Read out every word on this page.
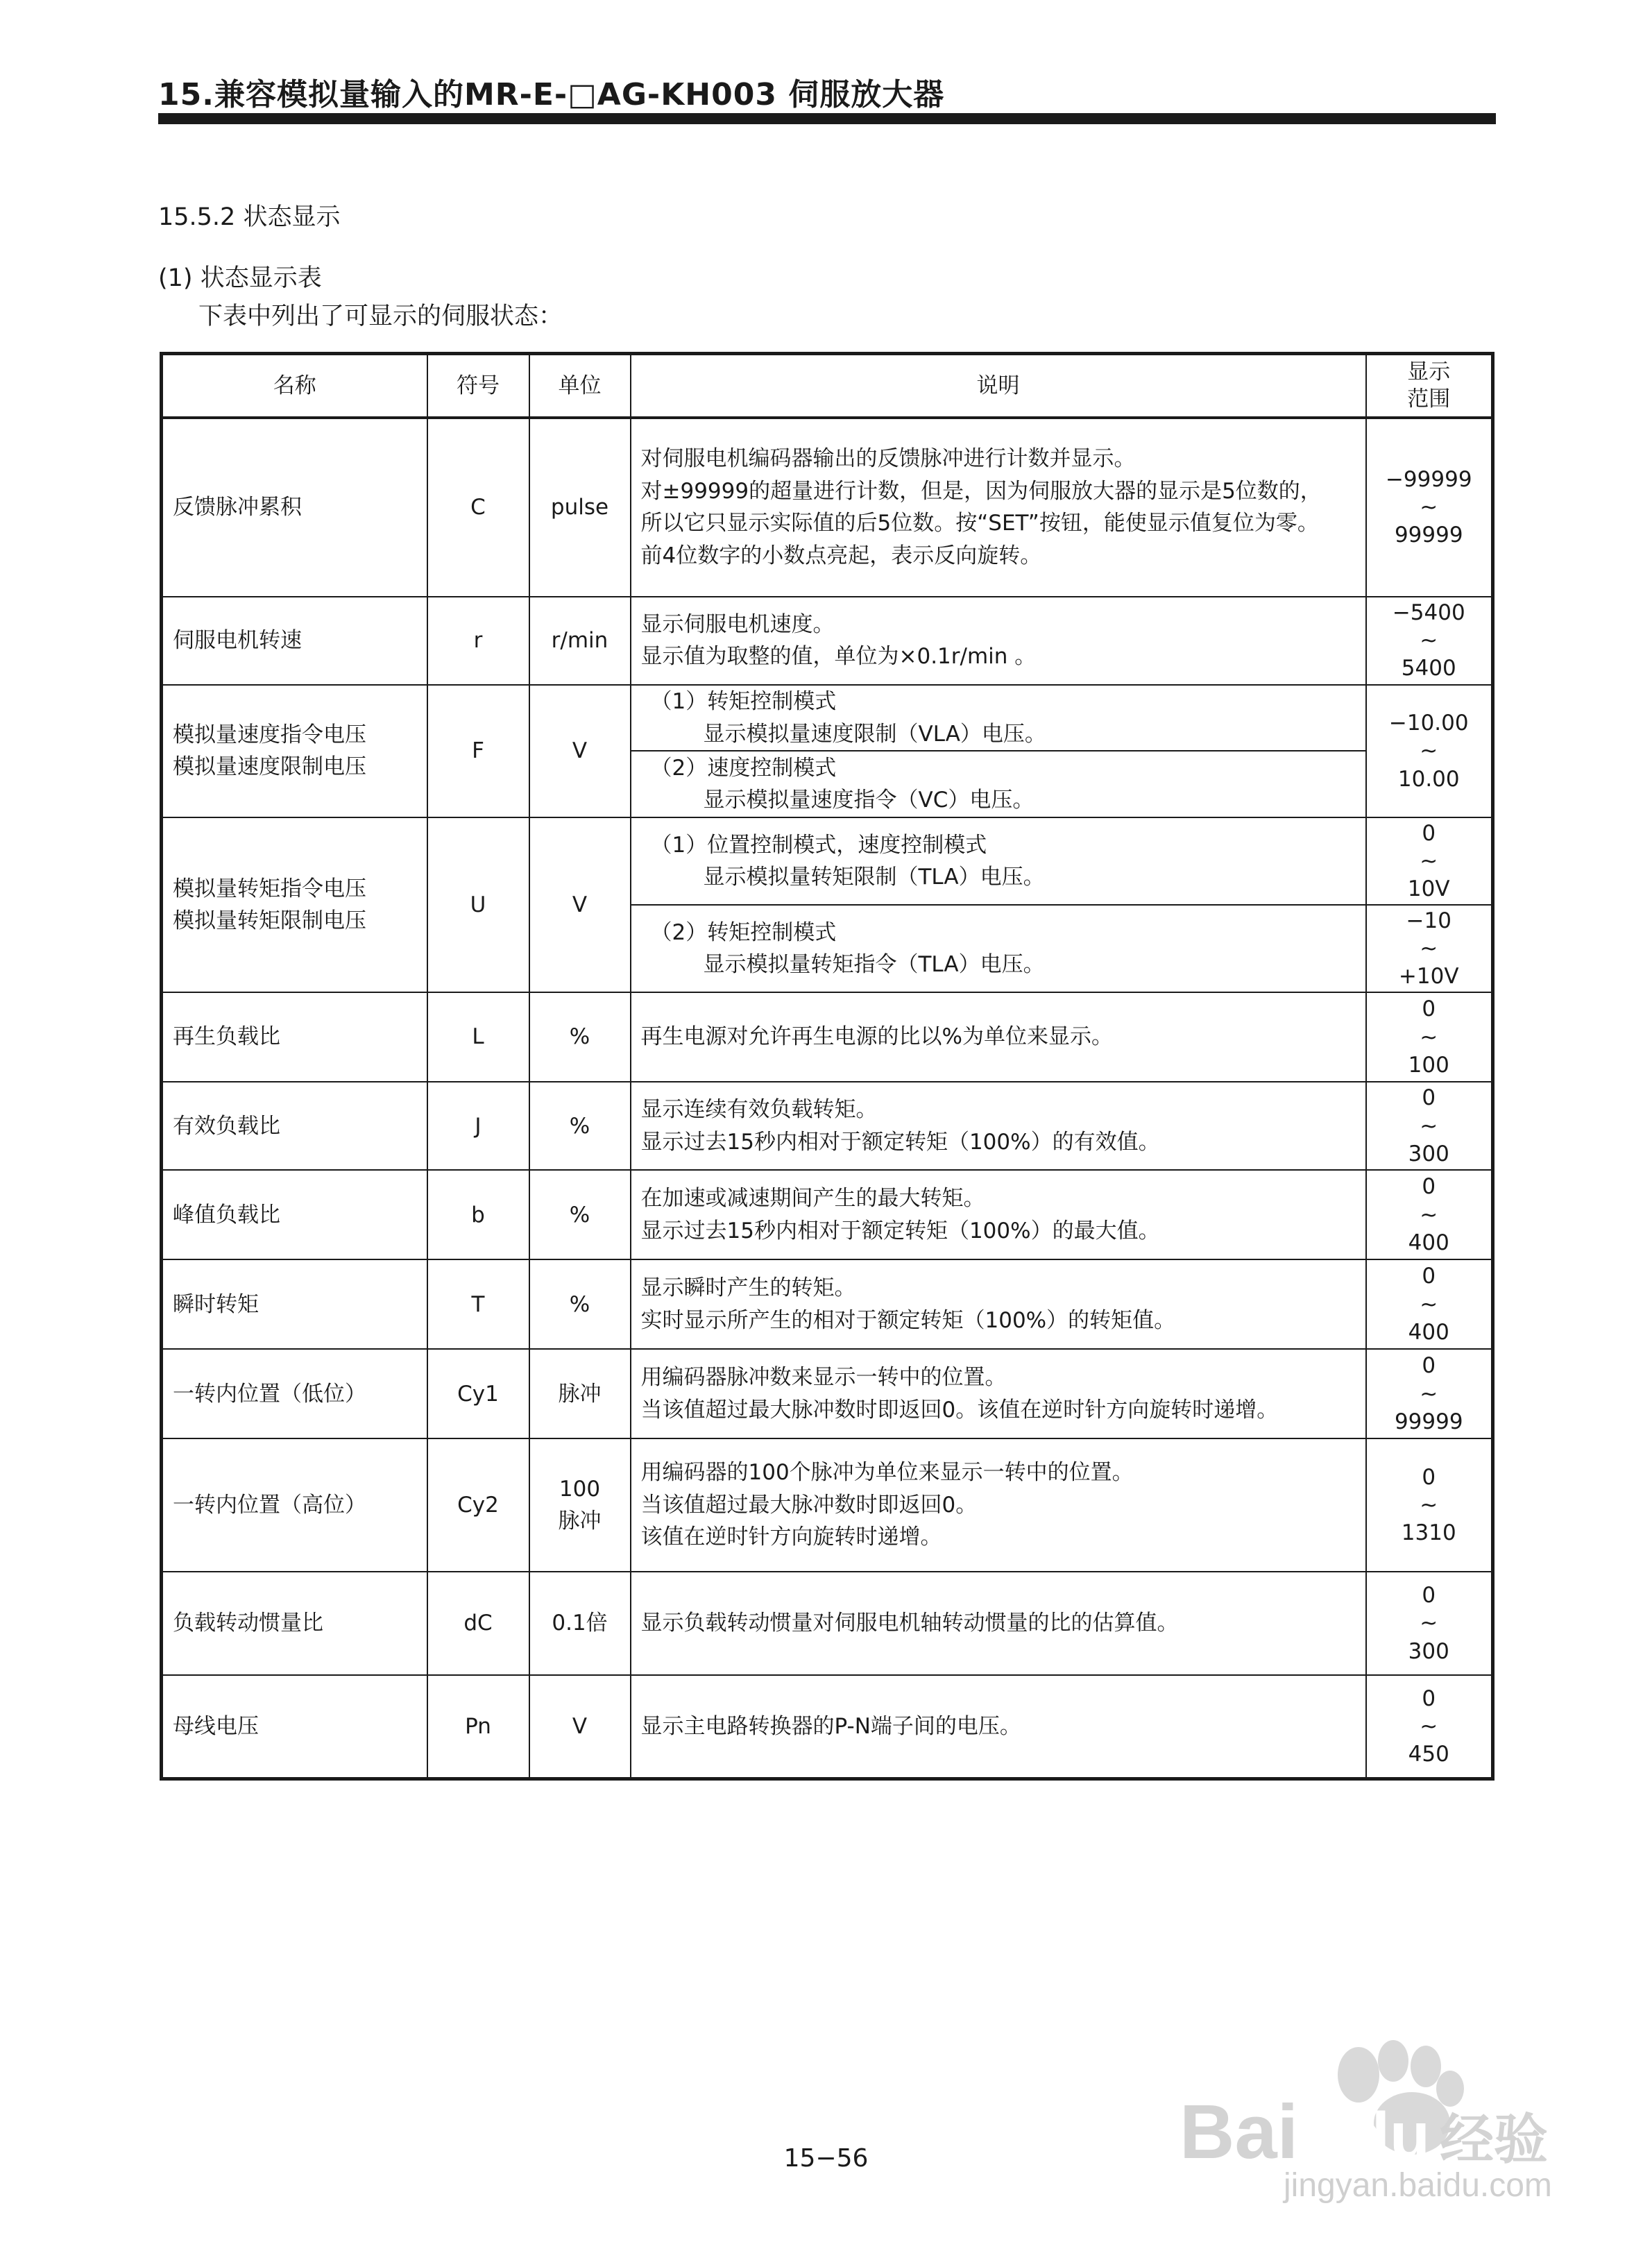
15.兼容模拟量输入的MR-E-□AG-KH003 伺服放大器
15.5.2 状态显示
(1) 状态显示表
下表中列出了可显示的伺服状态：
名称	符号	单位	说明	显示
范围

反馈脉冲累积	C	pulse	对伺服电机编码器输出的反馈脉冲进行计数并显示。
对±99999的超量进行计数，但是，因为伺服放大器的显示是5位数的，
所以它只显示实际值的后5位数。按“SET”按钮，能使显示值复位为零。
前4位数字的小数点亮起，表示反向旋转。	−99999
~
99999

伺服电机转速	r	r/min	显示伺服电机速度。
显示值为取整的值，单位为×0.1r/min 。	−5400
~
5400

模拟量速度指令电压
模拟量速度限制电压	F	V	（1）转矩控制模式
显示模拟量速度限制（VLA）电压。	−10.00
~
10.00

			（2）速度控制模式
显示模拟量速度指令（VC）电压。	

模拟量转矩指令电压
模拟量转矩限制电压	U	V	（1）位置控制模式，速度控制模式
显示模拟量转矩限制（TLA）电压。	0
~
10V

			（2）转矩控制模式
显示模拟量转矩指令（TLA）电压。	−10
~
+10V

再生负载比	L	%	再生电源对允许再生电源的比以%为单位来显示。	0
~
100

有效负载比	J	%	显示连续有效负载转矩。
显示过去15秒内相对于额定转矩（100%）的有效值。	0
~
300

峰值负载比	b	%	在加速或减速期间产生的最大转矩。
显示过去15秒内相对于额定转矩（100%）的最大值。	0
~
400

瞬时转矩	T	%	显示瞬时产生的转矩。
实时显示所产生的相对于额定转矩（100%）的转矩值。	0
~
400

一转内位置（低位）	Cy1	脉冲	用编码器脉冲数来显示一转中的位置。
当该值超过最大脉冲数时即返回0。该值在逆时针方向旋转时递增。	0
~
99999

一转内位置（高位）	Cy2	100
脉冲	用编码器的100个脉冲为单位来显示一转中的位置。
当该值超过最大脉冲数时即返回0。
该值在逆时针方向旋转时递增。	0
~
1310

负载转动惯量比	dC	0.1倍	显示负载转动惯量对伺服电机轴转动惯量的比的估算值。	0
~
300

母线电压	Pn	V	显示主电路转换器的P-N端子间的电压。	0
~
450
15−56	Bai du 经验
jingyan.baidu.com
